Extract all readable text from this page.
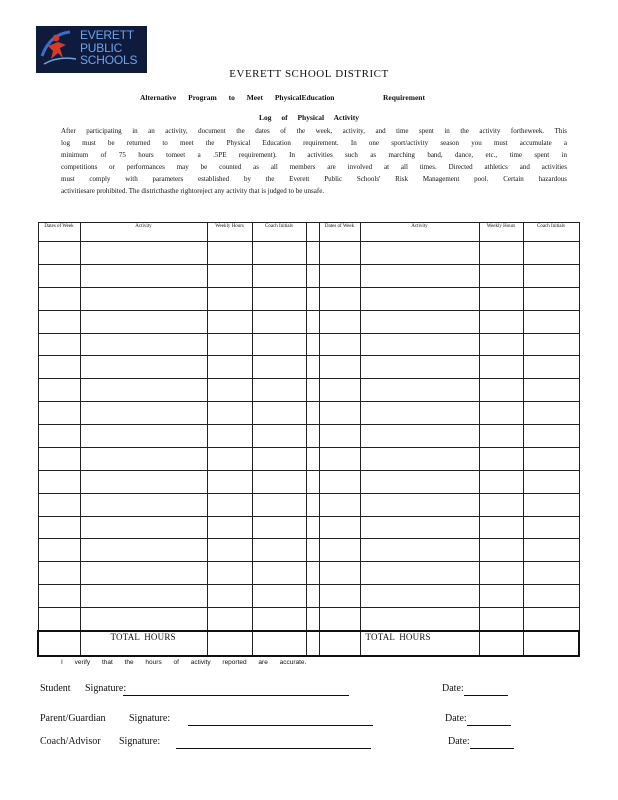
EVERETT
PUBLIC
SCHOOLS
EVERETT SCHOOL DISTRICT
Alternative Program to Meet PhysicalEducation	Requirement
Log of Physical Activity
After participating in an activity, document the dates of the week, activity, and time spent in the activity fortheweek. This
log must be returned to meet the Physical Education requirement. In one sport/activity season you must accumulate a
minimum of 75 hours tomeet a .5PE requirement). In activities such as marching band, dance, etc., time spent in
competitions or performances may be counted as all members are involved at all times. Directed athletics and activities
must comply with parameters established by the Everett Public Schools' Risk Management pool. Certain hazardous
activitiesare prohibited. The districthasthe rightoreject any activity that is judged to be unsafe.
Dates of Week	Activity	Weekly Hours	Coach Initials		Dates of Week	Activity	Weekly Hours	Coach Initials

	TOTAL HOURS					TOTAL HOURS		
I verify that the hours of activity reported are accurate.
Student Signature:	Date:
Parent/Guardian Signature:	Date:
Coach/Advisor Signature:	Date:
